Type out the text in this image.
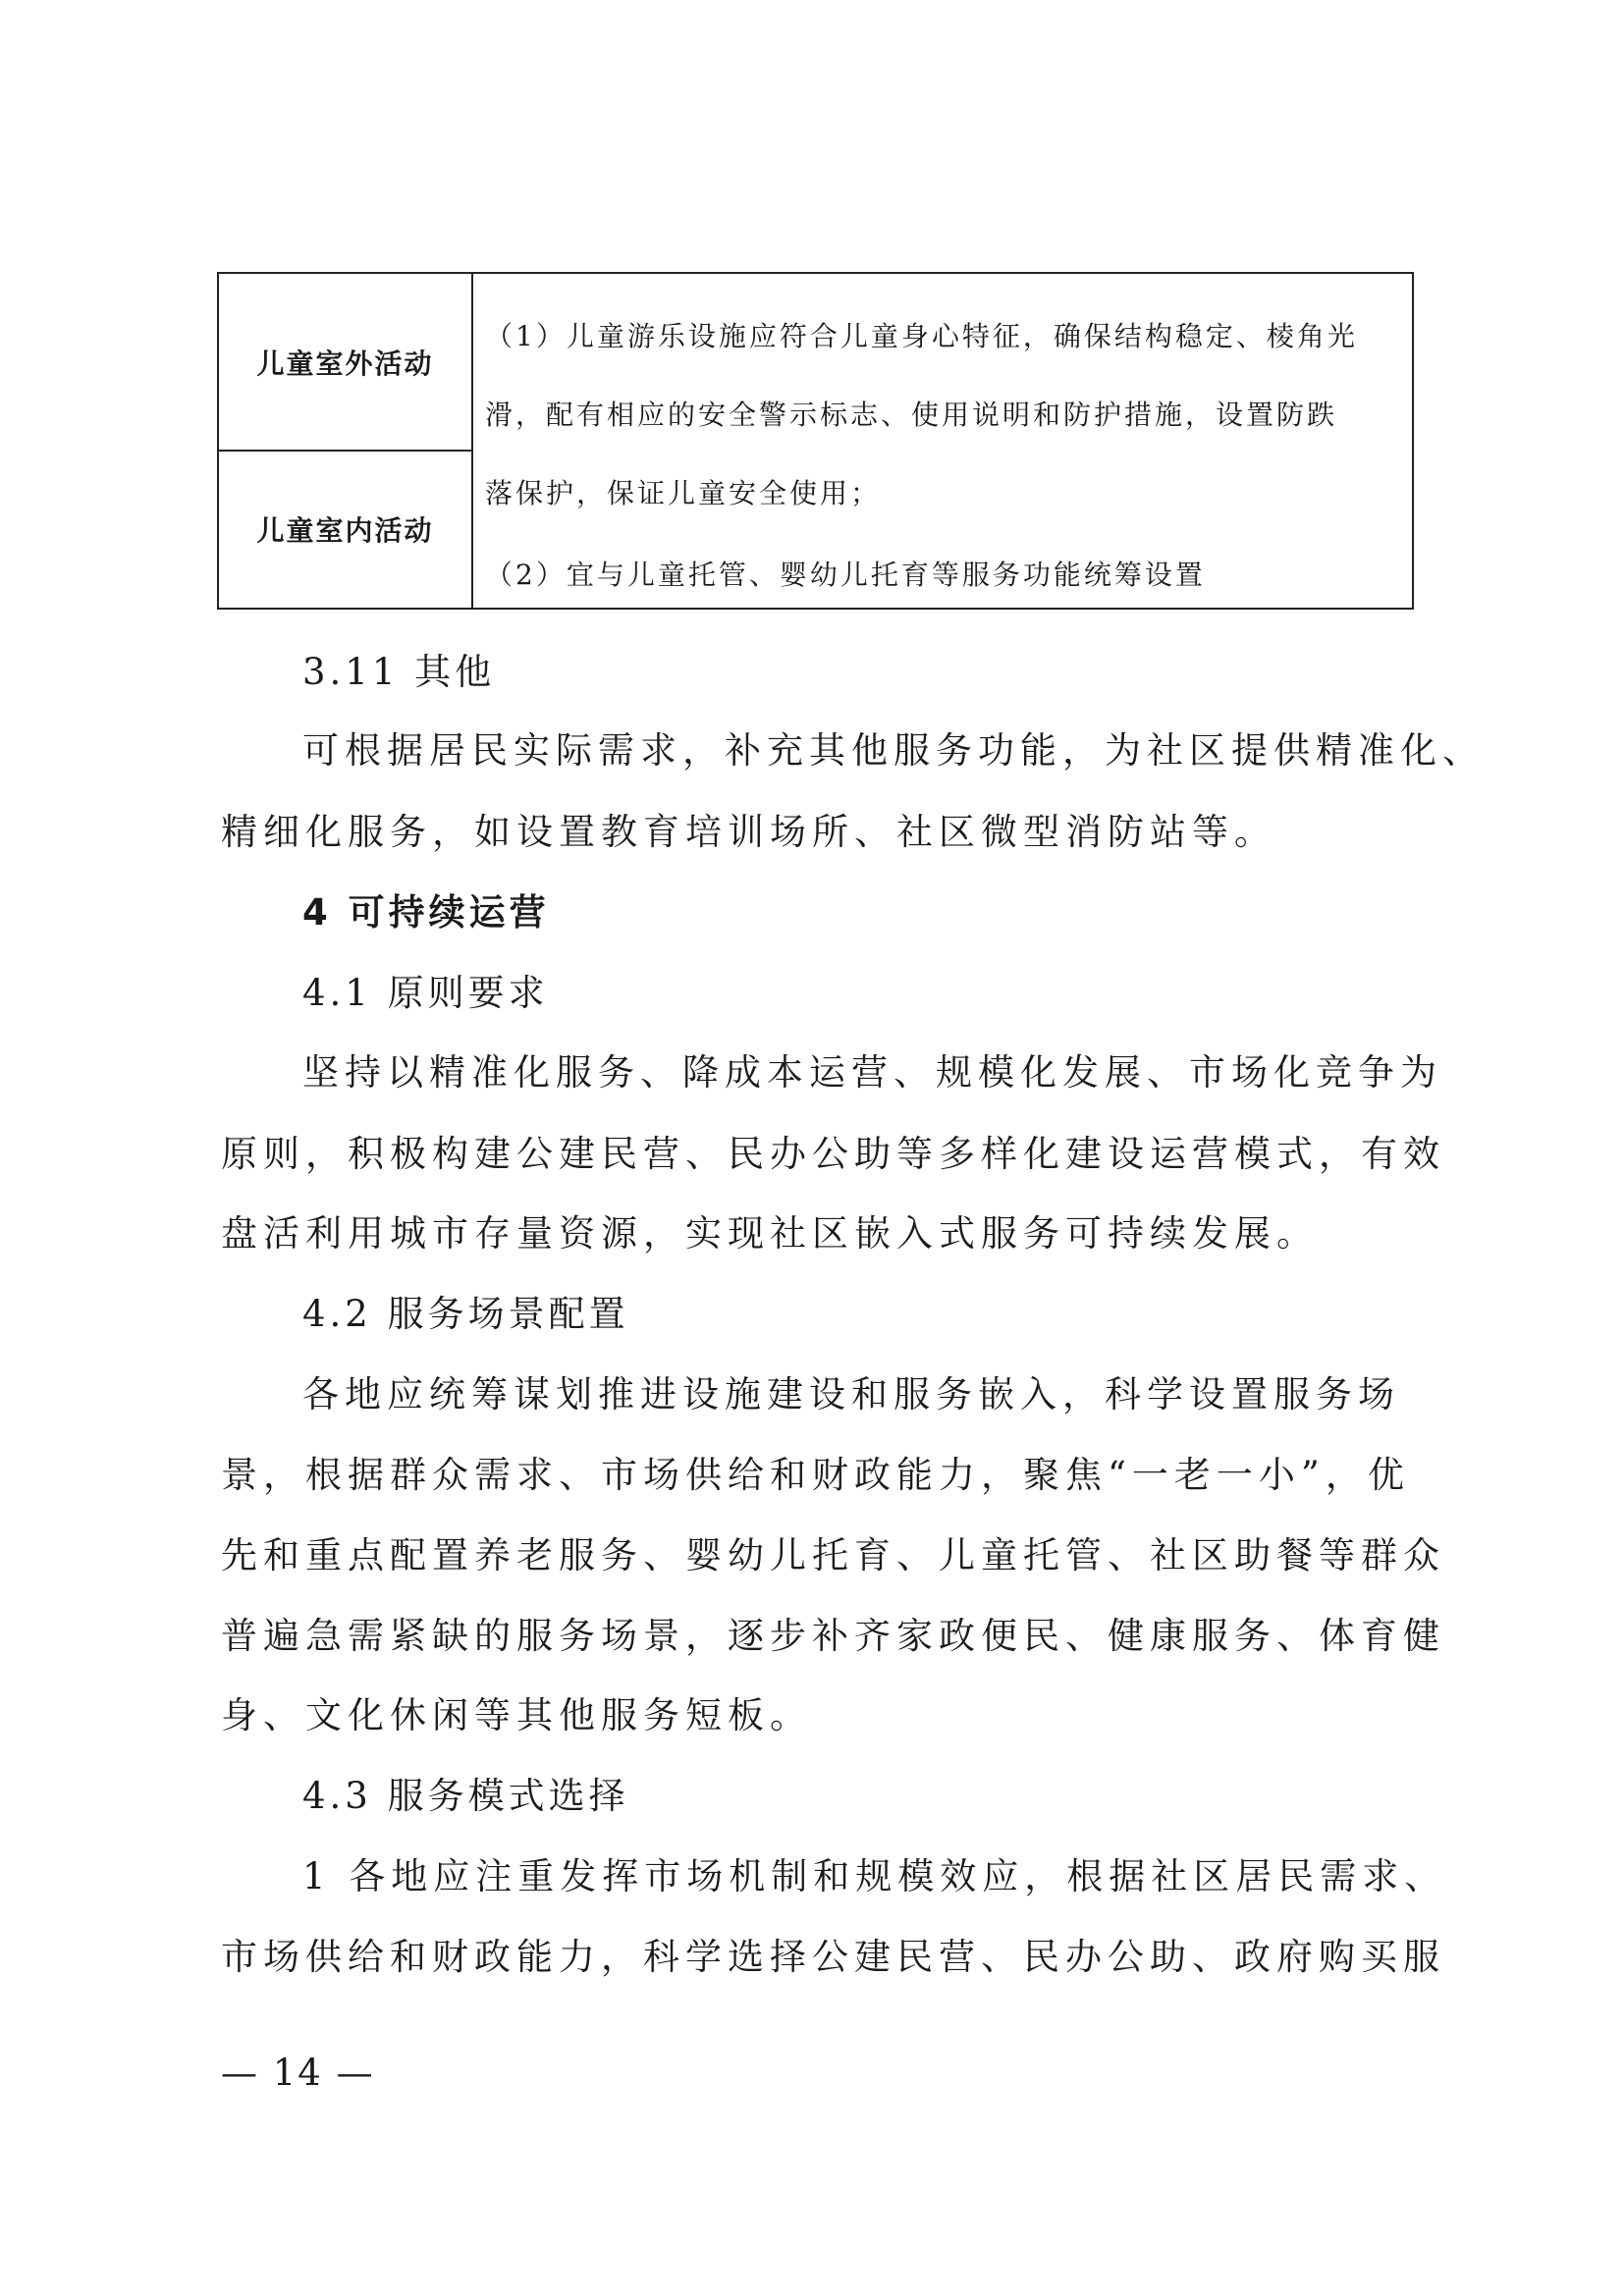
儿童室外活动
儿童室内活动
（1）儿童游乐设施应符合儿童身心特征，确保结构稳定、棱角光
滑，配有相应的安全警示标志、使用说明和防护措施，设置防跌
落保护，保证儿童安全使用；
（2）宜与儿童托管、婴幼儿托育等服务功能统筹设置
3.11 其他
可根据居民实际需求，补充其他服务功能，为社区提供精准化、
精细化服务，如设置教育培训场所、社区微型消防站等。
4 可持续运营
4.1 原则要求
坚持以精准化服务、降成本运营、规模化发展、市场化竞争为
原则，积极构建公建民营、民办公助等多样化建设运营模式，有效
盘活利用城市存量资源，实现社区嵌入式服务可持续发展。
4.2 服务场景配置
各地应统筹谋划推进设施建设和服务嵌入，科学设置服务场
景，根据群众需求、市场供给和财政能力，聚焦“一老一小”，优
先和重点配置养老服务、婴幼儿托育、儿童托管、社区助餐等群众
普遍急需紧缺的服务场景，逐步补齐家政便民、健康服务、体育健
身、文化休闲等其他服务短板。
4.3 服务模式选择
1 各地应注重发挥市场机制和规模效应，根据社区居民需求、
市场供给和财政能力，科学选择公建民营、民办公助、政府购买服
— 14 —
